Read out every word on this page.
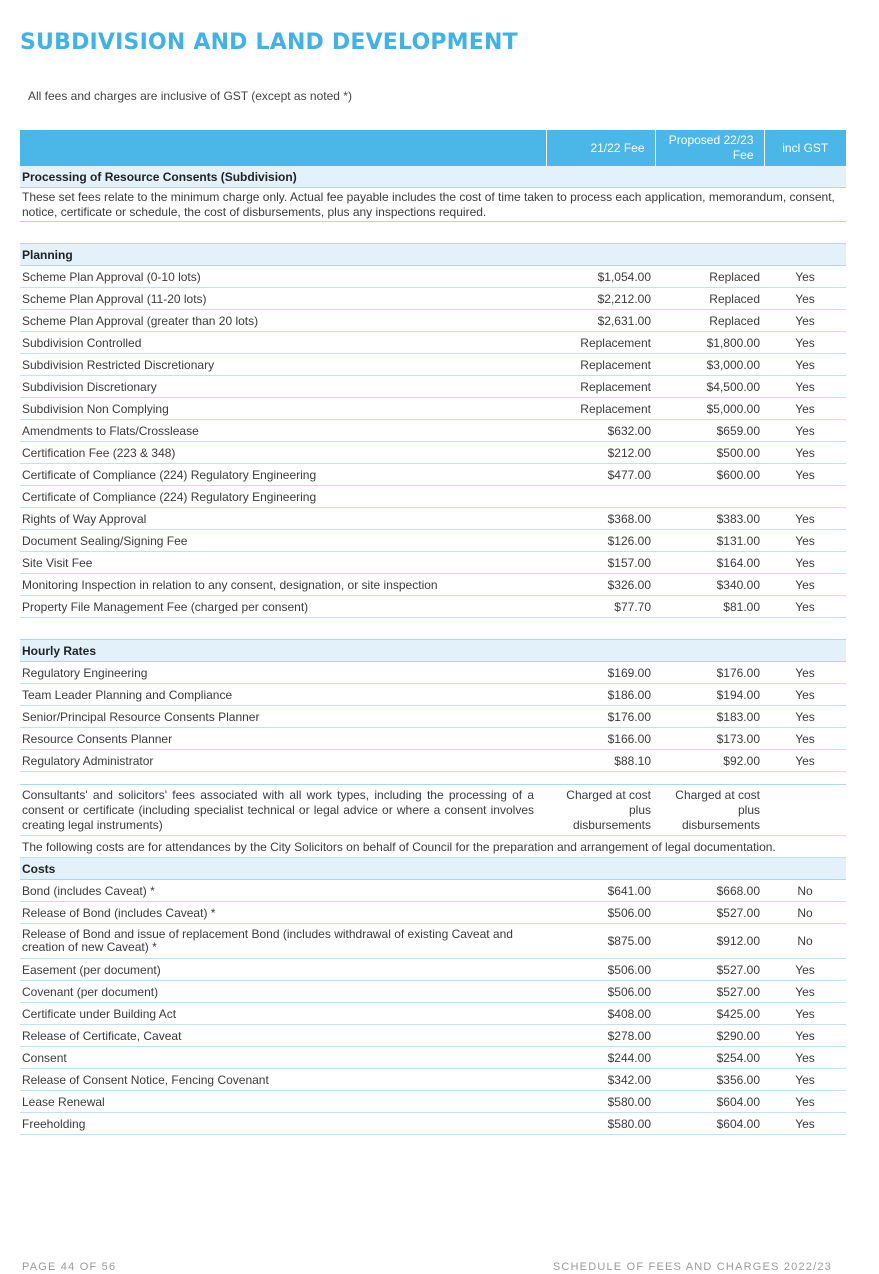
SUBDIVISION AND LAND DEVELOPMENT
All fees and charges are inclusive of GST (except as noted *)
	21/22 Fee	Proposed 22/23 Fee	incl GST
Processing of Resource Consents (Subdivision)			
These set fees relate to the minimum charge only. Actual fee payable includes the cost of time taken to process each application, memorandum, consent, notice, certificate or schedule, the cost of disbursements, plus any inspections required.			

Planning			
Scheme Plan Approval (0-10 lots)	$1,054.00	Replaced	Yes
Scheme Plan Approval (11-20 lots)	$2,212.00	Replaced	Yes
Scheme Plan Approval (greater than 20 lots)	$2,631.00	Replaced	Yes
Subdivision Controlled	Replacement	$1,800.00	Yes
Subdivision Restricted Discretionary	Replacement	$3,000.00	Yes
Subdivision Discretionary	Replacement	$4,500.00	Yes
Subdivision Non Complying	Replacement	$5,000.00	Yes
Amendments to Flats/Crosslease	$632.00	$659.00	Yes
Certification Fee (223 & 348)	$212.00	$500.00	Yes
Certificate of Compliance (224) Regulatory Engineering	$477.00	$600.00	Yes
Certificate of Compliance (224) Regulatory Engineering			
Rights of Way Approval	$368.00	$383.00	Yes
Document Sealing/Signing Fee	$126.00	$131.00	Yes
Site Visit Fee	$157.00	$164.00	Yes
Monitoring Inspection in relation to any consent, designation, or site inspection	$326.00	$340.00	Yes
Property File Management Fee (charged per consent)	$77.70	$81.00	Yes

Hourly Rates			
Regulatory Engineering	$169.00	$176.00	Yes
Team Leader Planning and Compliance	$186.00	$194.00	Yes
Senior/Principal Resource Consents Planner	$176.00	$183.00	Yes
Resource Consents Planner	$166.00	$173.00	Yes
Regulatory Administrator	$88.10	$92.00	Yes

Consultants' and solicitors' fees associated with all work types, including the processing of a consent or certificate (including specialist technical or legal advice or where a consent involves creating legal instruments)	Charged at cost plus disbursements	Charged at cost plus disbursements	
The following costs are for attendances by the City Solicitors on behalf of Council for the preparation and arrangement of legal documentation.			
Costs			
Bond (includes Caveat) *	$641.00	$668.00	No
Release of Bond (includes Caveat) *	$506.00	$527.00	No
Release of Bond and issue of replacement Bond (includes withdrawal of existing Caveat and creation of new Caveat) *	$875.00	$912.00	No
Easement (per document)	$506.00	$527.00	Yes
Covenant (per document)	$506.00	$527.00	Yes
Certificate under Building Act	$408.00	$425.00	Yes
Release of Certificate, Caveat	$278.00	$290.00	Yes
Consent	$244.00	$254.00	Yes
Release of Consent Notice, Fencing Covenant	$342.00	$356.00	Yes
Lease Renewal	$580.00	$604.00	Yes
Freeholding	$580.00	$604.00	Yes
PAGE 44 OF 56	SCHEDULE OF FEES AND CHARGES 2022/23
